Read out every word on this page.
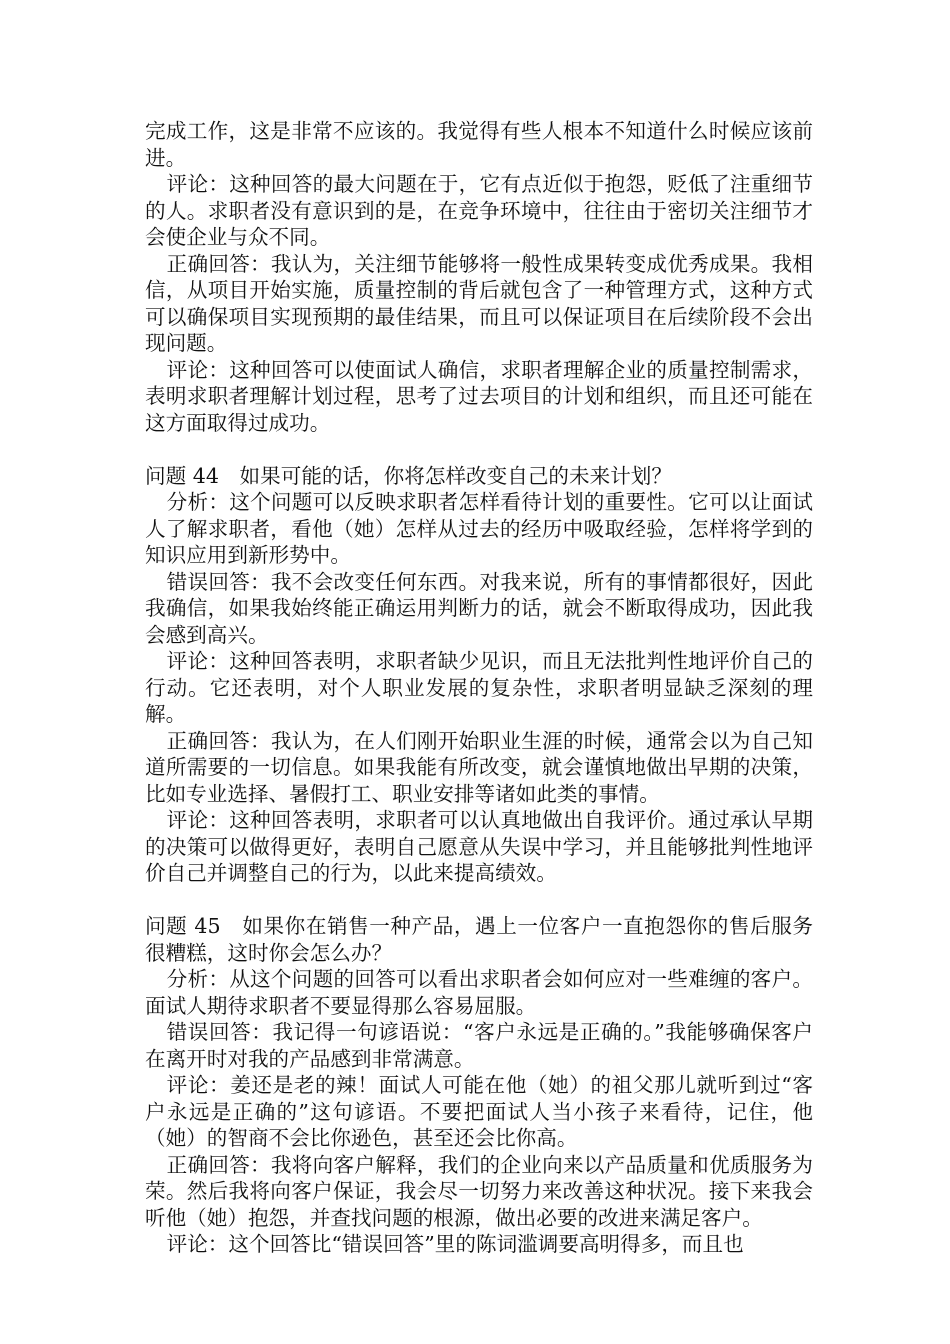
完成工作，这是非常不应该的。我觉得有些人根本不知道什么时候应该前进。

评论：这种回答的最大问题在于，它有点近似于抱怨，贬低了注重细节的人。求职者没有意识到的是，在竞争环境中，往往由于密切关注细节才会使企业与众不同。

正确回答：我认为，关注细节能够将一般性成果转变成优秀成果。我相信，从项目开始实施，质量控制的背后就包含了一种管理方式，这种方式可以确保项目实现预期的最佳结果，而且可以保证项目在后续阶段不会出现问题。

评论：这种回答可以使面试人确信，求职者理解企业的质量控制需求，表明求职者理解计划过程，思考了过去项目的计划和组织，而且还可能在这方面取得过成功。

问题 44　如果可能的话，你将怎样改变自己的未来计划？

分析：这个问题可以反映求职者怎样看待计划的重要性。它可以让面试人了解求职者，看他（她）怎样从过去的经历中吸取经验，怎样将学到的知识应用到新形势中。

错误回答：我不会改变任何东西。对我来说，所有的事情都很好，因此我确信，如果我始终能正确运用判断力的话，就会不断取得成功，因此我会感到高兴。

评论：这种回答表明，求职者缺少见识，而且无法批判性地评价自己的行动。它还表明，对个人职业发展的复杂性，求职者明显缺乏深刻的理解。

正确回答：我认为，在人们刚开始职业生涯的时候，通常会以为自己知道所需要的一切信息。如果我能有所改变，就会谨慎地做出早期的决策，比如专业选择、暑假打工、职业安排等诸如此类的事情。

评论：这种回答表明，求职者可以认真地做出自我评价。通过承认早期的决策可以做得更好，表明自己愿意从失误中学习，并且能够批判性地评价自己并调整自己的行为，以此来提高绩效。

问题 45　如果你在销售一种产品，遇上一位客户一直抱怨你的售后服务很糟糕，这时你会怎么办？

分析：从这个问题的回答可以看出求职者会如何应对一些难缠的客户。面试人期待求职者不要显得那么容易屈服。

错误回答：我记得一句谚语说：“客户永远是正确的。”我能够确保客户在离开时对我的产品感到非常满意。

评论：姜还是老的辣！面试人可能在他（她）的祖父那儿就听到过“客户永远是正确的”这句谚语。不要把面试人当小孩子来看待，记住，他（她）的智商不会比你逊色，甚至还会比你高。

正确回答：我将向客户解释，我们的企业向来以产品质量和优质服务为荣。然后我将向客户保证，我会尽一切努力来改善这种状况。接下来我会听他（她）抱怨，并查找问题的根源，做出必要的改进来满足客户。

评论：这个回答比“错误回答”里的陈词滥调要高明得多，而且也
